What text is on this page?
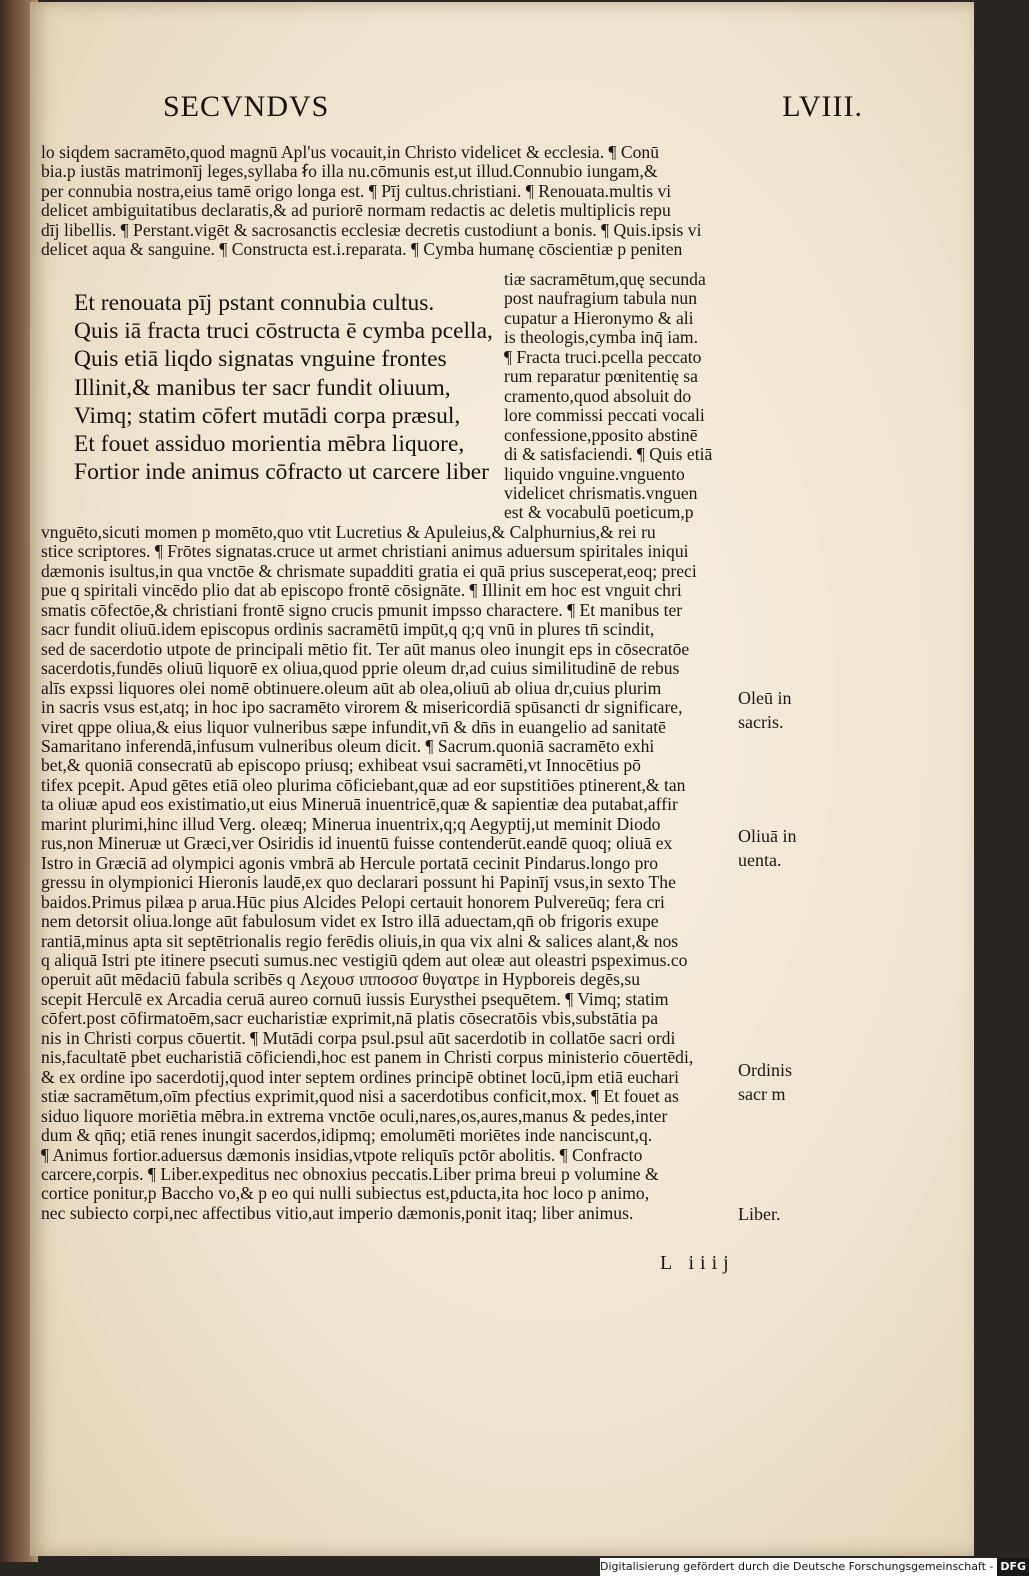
SECVNDVS	LVIII.
lo siqdem sacramēto,quod magnū Apl'us vocauit,in Christo videlicet & ecclesia. ¶ Conū
bia.p iustās matrimonīj leges,syllaba ẜo illa nu.cōmunis est,ut illud.Connubio iungam,&
per connubia nostra,eius tamē origo longa est. ¶ Pīj cultus.christiani. ¶ Renouata.multis vi
delicet ambiguitatibus declaratis,& ad puriorē normam redactis ac deletis multiplicis repu
dīj libellis. ¶ Perstant.vigēt & sacrosanctis ecclesiæ decretis custodiunt a bonis. ¶ Quis.ipsis vi
delicet aqua & sanguine. ¶ Constructa est.i.reparata. ¶ Cymba humanę cōscientiæ p peniten
Et renouata pīj pstant connubia cultus.
Quis iā fracta truci cōstructa ē cymba pcella,
Quis etiā liqdo signatas vnguine frontes
Illinit,& manibus ter sacr fundit oliuum,
Vimq; statim cōfert mutādi corpa præsul,
Et fouet assiduo morientia mēbra liquore,
Fortior inde animus cōfracto ut carcere liber
tiæ sacramētum,quę secunda
post naufragium tabula nun
cupatur a Hieronymo & ali
is theologis,cymba inq̄ iam.
¶ Fracta truci.pcella peccato
rum reparatur pœnitentię sa
cramento,quod absoluit do
lore commissi peccati vocali
confessione,pposito abstinē
di & satisfaciendi. ¶ Quis etiā
liquido vnguine.vnguento
videlicet chrismatis.vnguen
est & vocabulū poeticum,p
vnguēto,sicuti momen p momēto,quo vtit Lucretius & Apuleius,& Calphurnius,& rei ru
stice scriptores. ¶ Frōtes signatas.cruce ut armet christiani animus aduersum spiritales iniqui
dæmonis isultus,in qua vnctōe & chrismate supadditi gratia ei quā prius susceperat,eoq; preci
pue q spiritali vincēdo plio dat ab episcopo frontē cōsignāte. ¶ Illinit em hoc est vnguit chri
smatis cōfectōe,& christiani frontē signo crucis pmunit impsso charactere. ¶ Et manibus ter
sacr fundit oliuū.idem episcopus ordinis sacramētū impūt,q q;q vnū in plures tn̄ scindit,
sed de sacerdotio utpote de principali mētio fit. Ter aūt manus oleo inungit eps in cōsecratōe
sacerdotis,fundēs oliuū liquorē ex oliua,quod pprie oleum dr,ad cuius similitudinē de rebus
alīs expssi liquores olei nomē obtinuere.oleum aūt ab olea,oliuū ab oliua dr,cuius plurim
in sacris vsus est,atq; in hoc ipo sacramēto virorem & misericordiā spūsancti dr significare,
viret qppe oliua,& eius liquor vulneribus sæpe infundit,vn̄ & dn̄s in euangelio ad sanitatē
Samaritano inferendā,infusum vulneribus oleum dicit. ¶ Sacrum.quoniā sacramēto exhi
bet,& quoniā consecratū ab episcopo priusq; exhibeat vsui sacramēti,vt Innocētius pō
tifex pcepit. Apud gētes etiā oleo plurima cōficiebant,quæ ad eor supstitiōes ptinerent,& tan
ta oliuæ apud eos existimatio,ut eius Mineruā inuentricē,quæ & sapientiæ dea putabat,affir
marint plurimi,hinc illud Verg. oleæq; Minerua inuentrix,q;q Aegyptij,ut meminit Diodo
rus,non Mineruæ ut Græci,ver Osiridis id inuentū fuisse contenderūt.eandē quoq; oliuā ex
Istro in Græciā ad olympici agonis vmbrā ab Hercule portatā cecinit Pindarus.longo pro
gressu in olympionici Hieronis laudē,ex quo declarari possunt hi Papinīj vsus,in sexto The
baidos.Primus pilæa p arua.Hūc pius Alcides Pelopi certauit honorem Pulvereūq; fera cri
nem detorsit oliua.longe aūt fabulosum videt ex Istro illā aduectam,qn̄ ob frigoris exupe
rantiā,minus apta sit septētrionalis regio ferēdis oliuis,in qua vix alni & salices alant,& nos
q aliquā Istri pte itinere psecuti sumus.nec vestigiū qdem aut oleæ aut oleastri pspeximus.co
operuit aūt mēdaciū fabula scribēs q Λεχουσ ιπποσοσ θυγατρε in Hypboreis degēs,su
scepit Herculē ex Arcadia ceruā aureo cornuū iussis Eurysthei psequētem. ¶ Vimq; statim
cōfert.post cōfirmatoēm,sacr eucharistiæ exprimit,nā platis cōsecratōis vbis,substātia pa
nis in Christi corpus cōuertit. ¶ Mutādi corpa psul.psul aūt sacerdotib in collatōe sacri ordi
nis,facultatē pbet eucharistiā cōficiendi,hoc est panem in Christi corpus ministerio cōuertēdi,
& ex ordine ipo sacerdotij,quod inter septem ordines principē obtinet locū,ipm etiā euchari
stiæ sacramētum,oīm pfectius exprimit,quod nisi a sacerdotibus conficit,mox. ¶ Et fouet as
siduo liquore moriētia mēbra.in extrema vnctōe oculi,nares,os,aures,manus & pedes,inter
dum & qn̄q; etiā renes inungit sacerdos,idipmq; emolumēti moriētes inde nanciscunt,q.
¶ Animus fortior.aduersus dæmonis insidias,vtpote reliquīs pctōr abolitis. ¶ Confracto
carcere,corpis. ¶ Liber.expeditus nec obnoxius peccatis.Liber prima breui p volumine &
cortice ponitur,p Baccho vo,& p eo qui nulli subiectus est,pducta,ita hoc loco p animo,
nec subiecto corpi,nec affectibus vitio,aut imperio dæmonis,ponit itaq; liber animus.
Oleū in
sacris.
Oliuā in
uenta.
Ordinis
sacr m
Liber.
L iiij
Digitalisierung gefördert durch die Deutsche Forschungsgemeinschaft - DFG
